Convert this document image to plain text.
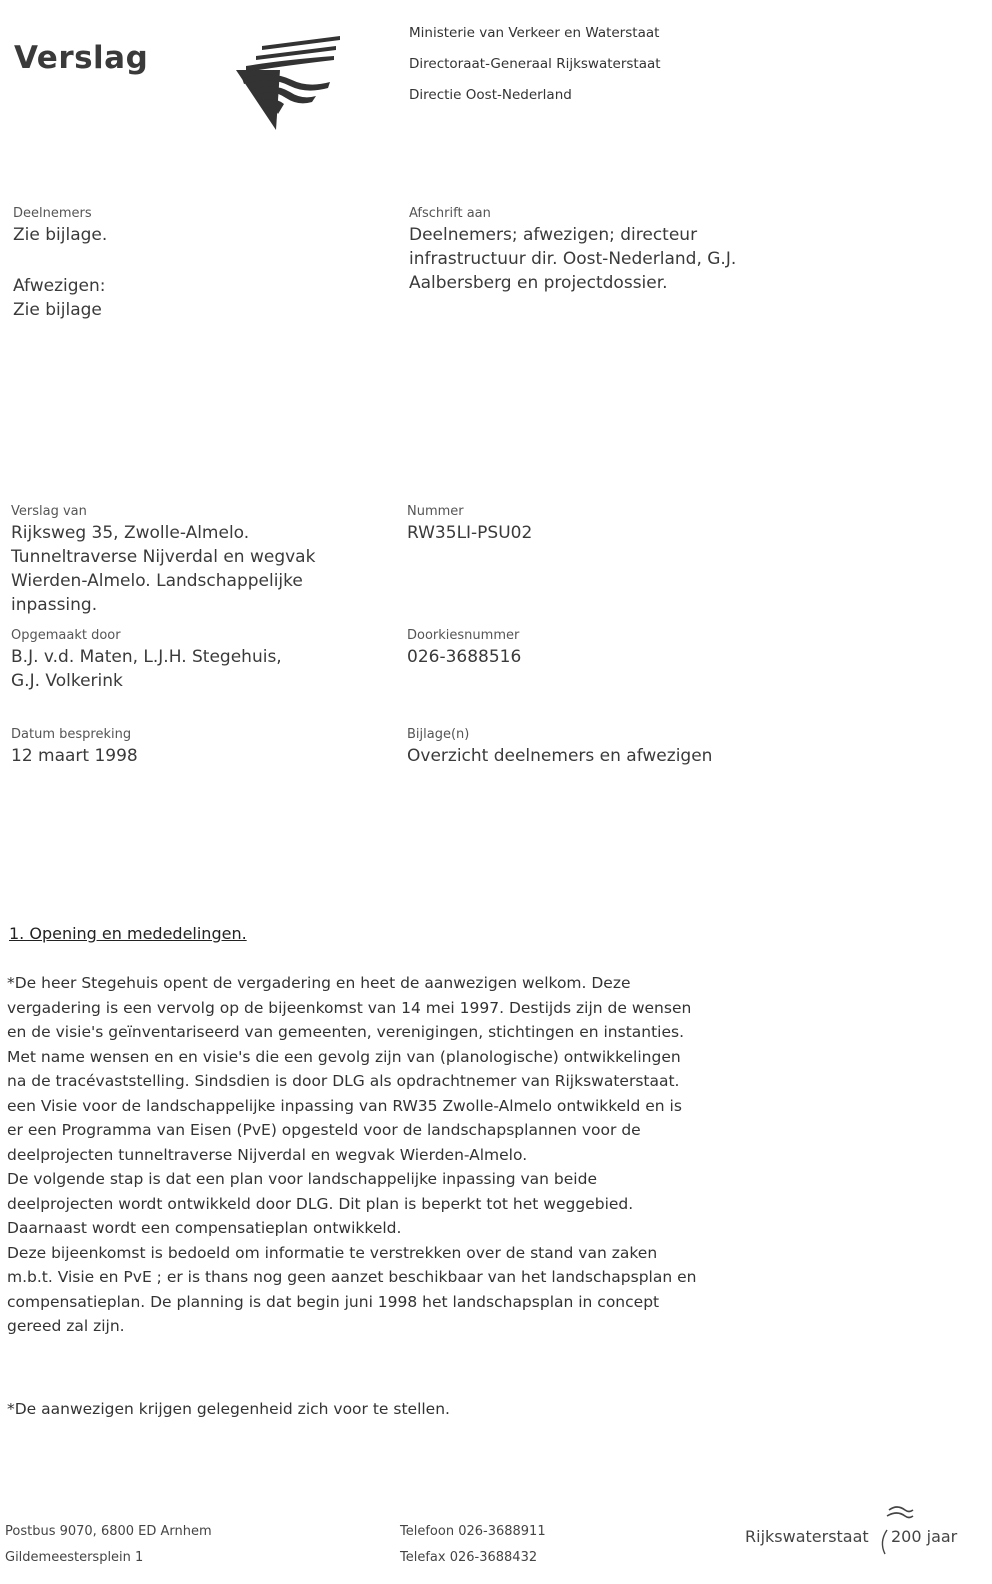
Verslag
Ministerie van Verkeer en Waterstaat
Directoraat-Generaal Rijkswaterstaat
Directie Oost-Nederland
Deelnemers
Zie bijlage.
Afwezigen:
Zie bijlage
Afschrift aan
Deelnemers; afwezigen; directeur
infrastructuur dir. Oost-Nederland, G.J.
Aalbersberg en projectdossier.
Verslag van
Rijksweg 35, Zwolle-Almelo.
Tunneltraverse Nijverdal en wegvak
Wierden-Almelo. Landschappelijke
inpassing.
Nummer
RW35LI-PSU02
Opgemaakt door
B.J. v.d. Maten, L.J.H. Stegehuis,
G.J. Volkerink
Doorkiesnummer
026-3688516
Datum bespreking
12 maart 1998
Bijlage(n)
Overzicht deelnemers en afwezigen
1. Opening en mededelingen.

*De heer Stegehuis opent de vergadering en heet de aanwezigen welkom. Deze

vergadering is een vervolg op de bijeenkomst van 14 mei 1997. Destijds zijn de wensen

en de visie's geïnventariseerd van gemeenten, verenigingen, stichtingen en instanties.

Met name wensen en en visie's die een gevolg zijn van (planologische) ontwikkelingen

na de tracévaststelling. Sindsdien is door DLG als opdrachtnemer van Rijkswaterstaat.

een Visie voor de landschappelijke inpassing van RW35 Zwolle-Almelo ontwikkeld en is

er een Programma van Eisen (PvE) opgesteld voor de landschapsplannen voor de

deelprojecten tunneltraverse Nijverdal en wegvak Wierden-Almelo.

De volgende stap is dat een plan voor landschappelijke inpassing van beide

deelprojecten wordt ontwikkeld door DLG. Dit plan is beperkt tot het weggebied.

Daarnaast wordt een compensatieplan ontwikkeld.

Deze bijeenkomst is bedoeld om informatie te verstrekken over de stand van zaken

m.b.t. Visie en PvE ; er is thans nog geen aanzet beschikbaar van het landschapsplan en

compensatieplan. De planning is dat begin juni 1998 het landschapsplan in concept

gereed zal zijn.

*De aanwezigen krijgen gelegenheid zich voor te stellen.

Postbus 9070, 6800 ED Arnhem
Gildemeestersplein 1
Telefoon 026-3688911
Telefax 026-3688432
Rijkswaterstaat 200 jaar
